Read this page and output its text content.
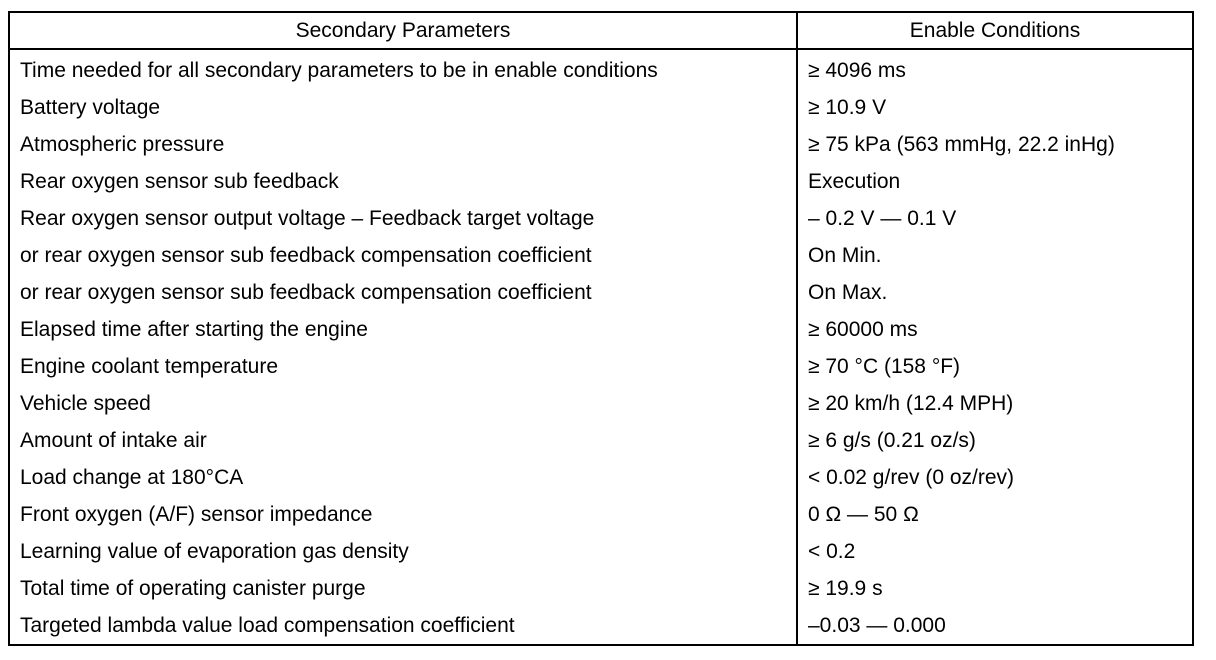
Secondary Parameters	Enable Conditions
Time needed for all secondary parameters to be in enable conditions	≥ 4096 ms
Battery voltage	≥ 10.9 V
Atmospheric pressure	≥ 75 kPa (563 mmHg, 22.2 inHg)
Rear oxygen sensor sub feedback	Execution
Rear oxygen sensor output voltage – Feedback target voltage	– 0.2 V — 0.1 V
or rear oxygen sensor sub feedback compensation coefficient	On Min.
or rear oxygen sensor sub feedback compensation coefficient	On Max.
Elapsed time after starting the engine	≥ 60000 ms
Engine coolant temperature	≥ 70 °C (158 °F)
Vehicle speed	≥ 20 km/h (12.4 MPH)
Amount of intake air	≥ 6 g/s (0.21 oz/s)
Load change at 180°CA	< 0.02 g/rev (0 oz/rev)
Front oxygen (A/F) sensor impedance	0 Ω — 50 Ω
Learning value of evaporation gas density	< 0.2
Total time of operating canister purge	≥ 19.9 s
Targeted lambda value load compensation coefficient	–0.03 — 0.000
